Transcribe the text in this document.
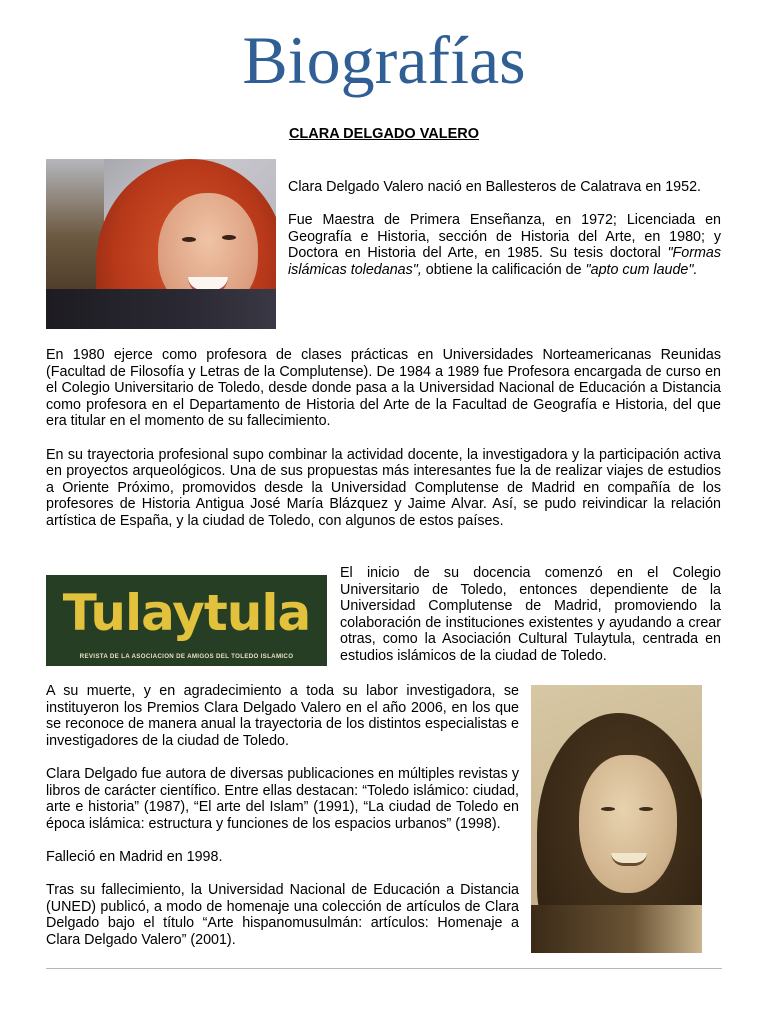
Biografías
CLARA DELGADO VALERO

Clara Delgado Valero nació en Ballesteros de Calatrava en 1952.

Fue Maestra de Primera Enseñanza, en 1972; Licenciada en Geografía e Historia, sección de Historia del Arte, en 1980; y Doctora en Historia del Arte, en 1985. Su tesis doctoral "Formas islámicas toledanas", obtiene la calificación de "apto cum laude".

En 1980 ejerce como profesora de clases prácticas en Universidades Norteamericanas Reunidas (Facultad de Filosofía y Letras de la Complutense). De 1984 a 1989 fue Profesora encargada de curso en el Colegio Universitario de Toledo, desde donde pasa a la Universidad Nacional de Educación a Distancia como profesora en el Departamento de Historia del Arte de la Facultad de Geografía e Historia, del que era titular en el momento de su fallecimiento.

En su trayectoria profesional supo combinar la actividad docente, la investigadora y la participación activa en proyectos arqueológicos. Una de sus propuestas más interesantes fue la de realizar viajes de estudios a Oriente Próximo, promovidos desde la Universidad Complutense de Madrid en compañía de los profesores de Historia Antigua José María Blázquez y Jaime Alvar. Así, se pudo reivindicar la relación artística de España, y la ciudad de Toledo, con algunos de estos países.

Tulaytula
REVISTA DE LA ASOCIACION DE AMIGOS DEL TOLEDO ISLAMICO

El inicio de su docencia comenzó en el Colegio Universitario de Toledo, entonces dependiente de la Universidad Complutense de Madrid, promoviendo la colaboración de instituciones existentes y ayudando a crear otras, como la Asociación Cultural Tulaytula, centrada en estudios islámicos de la ciudad de Toledo.

A su muerte, y en agradecimiento a toda su labor investigadora, se instituyeron los Premios Clara Delgado Valero en el año 2006, en los que se reconoce de manera anual la trayectoria de los distintos especialistas e investigadores de la ciudad de Toledo.

Clara Delgado fue autora de diversas publicaciones en múltiples revistas y libros de carácter científico. Entre ellas destacan: “Toledo islámico: ciudad, arte e historia” (1987), “El arte del Islam” (1991), “La ciudad de Toledo en época islámica: estructura y funciones de los espacios urbanos” (1998).

Falleció en Madrid en 1998.

Tras su fallecimiento, la Universidad Nacional de Educación a Distancia (UNED) publicó, a modo de homenaje una colección de artículos de Clara Delgado bajo el título “Arte hispanomusulmán: artículos: Homenaje a Clara Delgado Valero” (2001).
